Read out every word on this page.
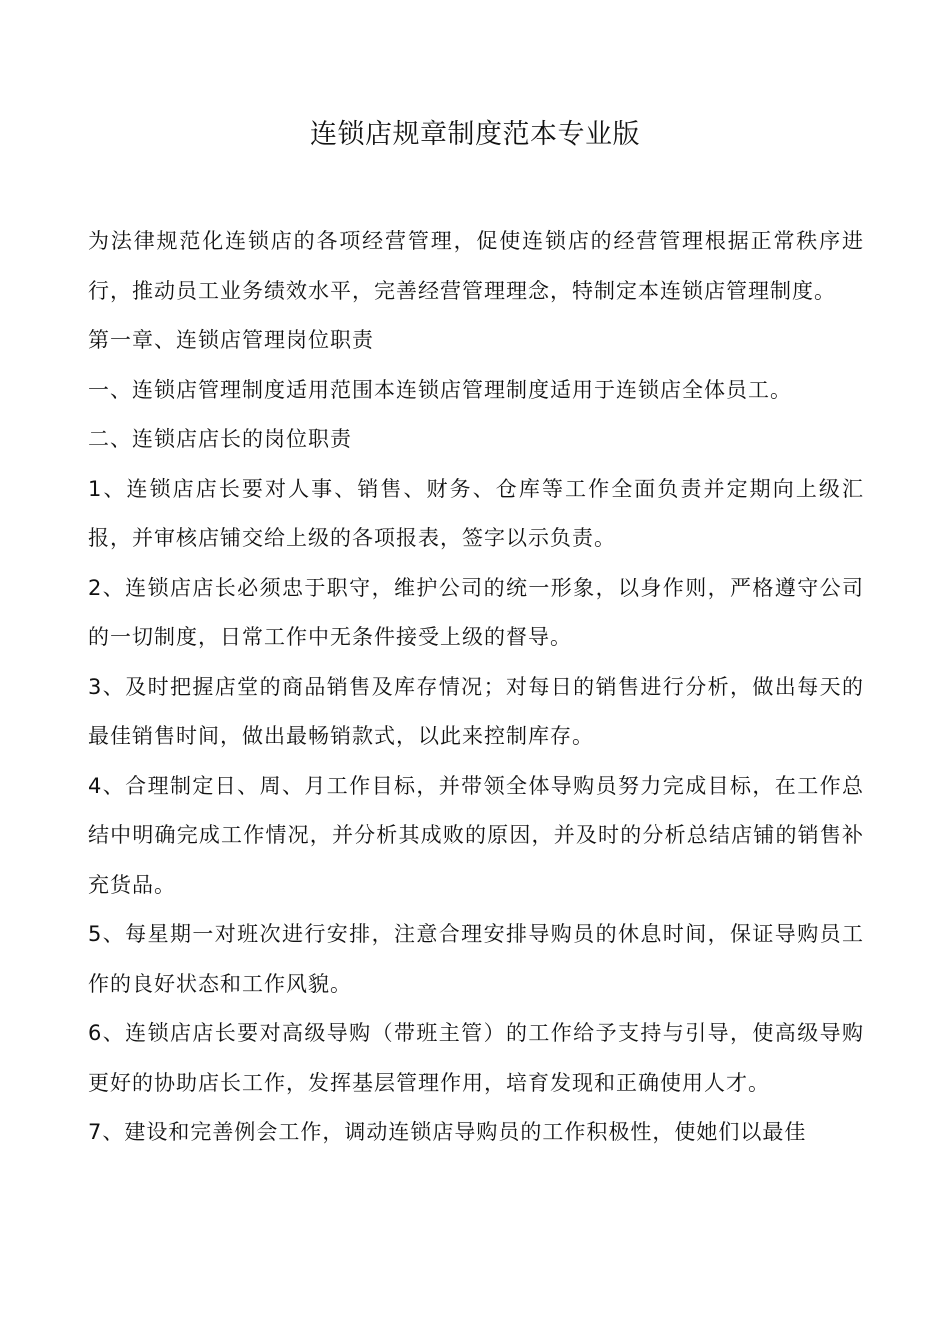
连锁店规章制度范本专业版

为法律规范化连锁店的各项经营管理，促使连锁店的经营管理根据正常秩序进行，推动员工业务绩效水平，完善经营管理理念，特制定本连锁店管理制度。

第一章、连锁店管理岗位职责

一、连锁店管理制度适用范围本连锁店管理制度适用于连锁店全体员工。

二、连锁店店长的岗位职责

1、连锁店店长要对人事、销售、财务、仓库等工作全面负责并定期向上级汇报，并审核店铺交给上级的各项报表，签字以示负责。

2、连锁店店长必须忠于职守，维护公司的统一形象，以身作则，严格遵守公司的一切制度，日常工作中无条件接受上级的督导。

3、及时把握店堂的商品销售及库存情况；对每日的销售进行分析，做出每天的最佳销售时间，做出最畅销款式，以此来控制库存。

4、合理制定日、周、月工作目标，并带领全体导购员努力完成目标，在工作总结中明确完成工作情况，并分析其成败的原因，并及时的分析总结店铺的销售补充货品。

5、每星期一对班次进行安排，注意合理安排导购员的休息时间，保证导购员工作的良好状态和工作风貌。

6、连锁店店长要对高级导购（带班主管）的工作给予支持与引导，使高级导购更好的协助店长工作，发挥基层管理作用，培育发现和正确使用人才。

7、建设和完善例会工作，调动连锁店导购员的工作积极性，使她们以最佳
